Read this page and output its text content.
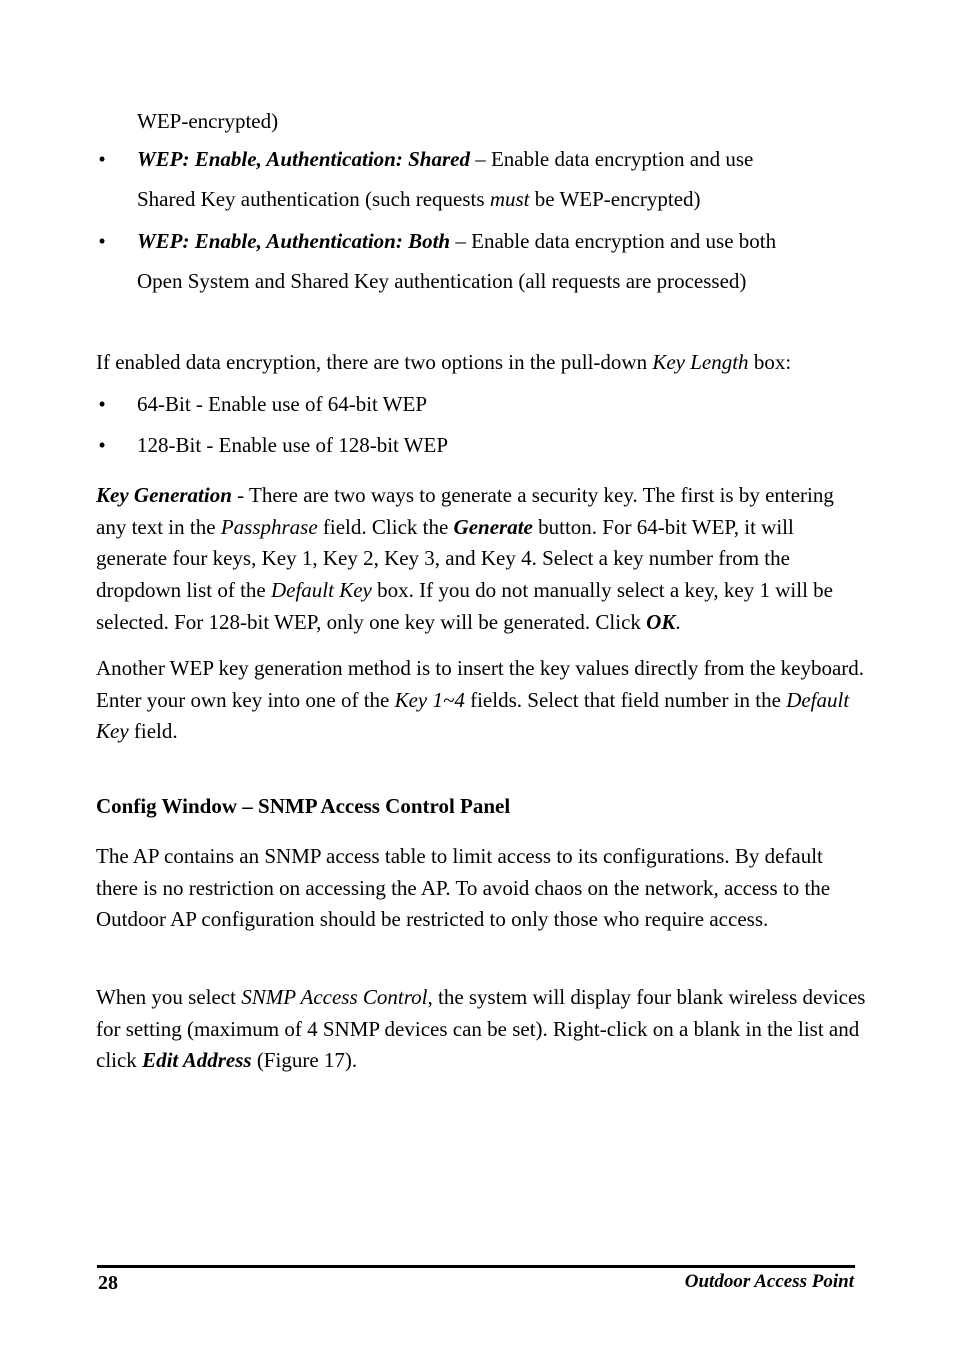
WEP-encrypted)
• WEP: Enable, Authentication: Shared – Enable data encryption and use
Shared Key authentication (such requests must be WEP-encrypted)
• WEP: Enable, Authentication: Both – Enable data encryption and use both
Open System and Shared Key authentication (all requests are processed)

If enabled data encryption, there are two options in the pull-down Key Length box:

• 64-Bit - Enable use of 64-bit WEP
• 128-Bit - Enable use of 128-bit WEP

Key Generation - There are two ways to generate a security key. The first is by entering any text in the Passphrase field. Click the Generate button. For 64-bit WEP, it will generate four keys, Key 1, Key 2, Key 3, and Key 4. Select a key number from the dropdown list of the Default Key box. If you do not manually select a key, key 1 will be selected. For 128-bit WEP, only one key will be generated. Click OK.

Another WEP key generation method is to insert the key values directly from the keyboard. Enter your own key into one of the Key 1~4 fields. Select that field number in the Default Key field.

Config Window – SNMP Access Control Panel

The AP contains an SNMP access table to limit access to its configurations. By default there is no restriction on accessing the AP. To avoid chaos on the network, access to the Outdoor AP configuration should be restricted to only those who require access.

When you select SNMP Access Control, the system will display four blank wireless devices for setting (maximum of 4 SNMP devices can be set). Right-click on a blank in the list and click Edit Address (Figure 17).

28	Outdoor Access Point
